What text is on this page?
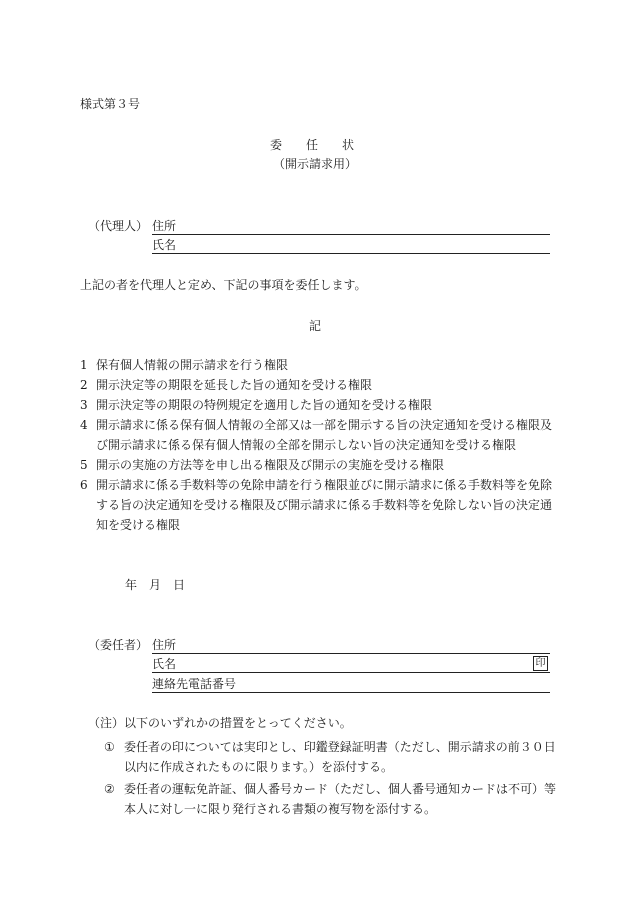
様式第３号
委　任　状
（開示請求用）
（代理人） 住所
氏名
上記の者を代理人と定め、下記の事項を委任します。
記

1 保有個人情報の開示請求を行う権限

2 開示決定等の期限を延長した旨の通知を受ける権限

3 開示決定等の期限の特例規定を適用した旨の通知を受ける権限

4 開示請求に係る保有個人情報の全部又は一部を開示する旨の決定通知を受ける権限及び開示請求に係る保有個人情報の全部を開示しない旨の決定通知を受ける権限

5 開示の実施の方法等を申し出る権限及び開示の実施を受ける権限

6 開示請求に係る手数料等の免除申請を行う権限並びに開示請求に係る手数料等を免除する旨の決定通知を受ける権限及び開示請求に係る手数料等を免除しない旨の決定通知を受ける権限

年　月　日
（委任者） 住所
氏名	印
連絡先電話番号
（注）以下のいずれかの措置をとってください。

① 委任者の印については実印とし、印鑑登録証明書（ただし、開示請求の前３０日以内に作成されたものに限ります。）を添付する。

② 委任者の運転免許証、個人番号カード（ただし、個人番号通知カードは不可）等本人に対し一に限り発行される書類の複写物を添付する。
